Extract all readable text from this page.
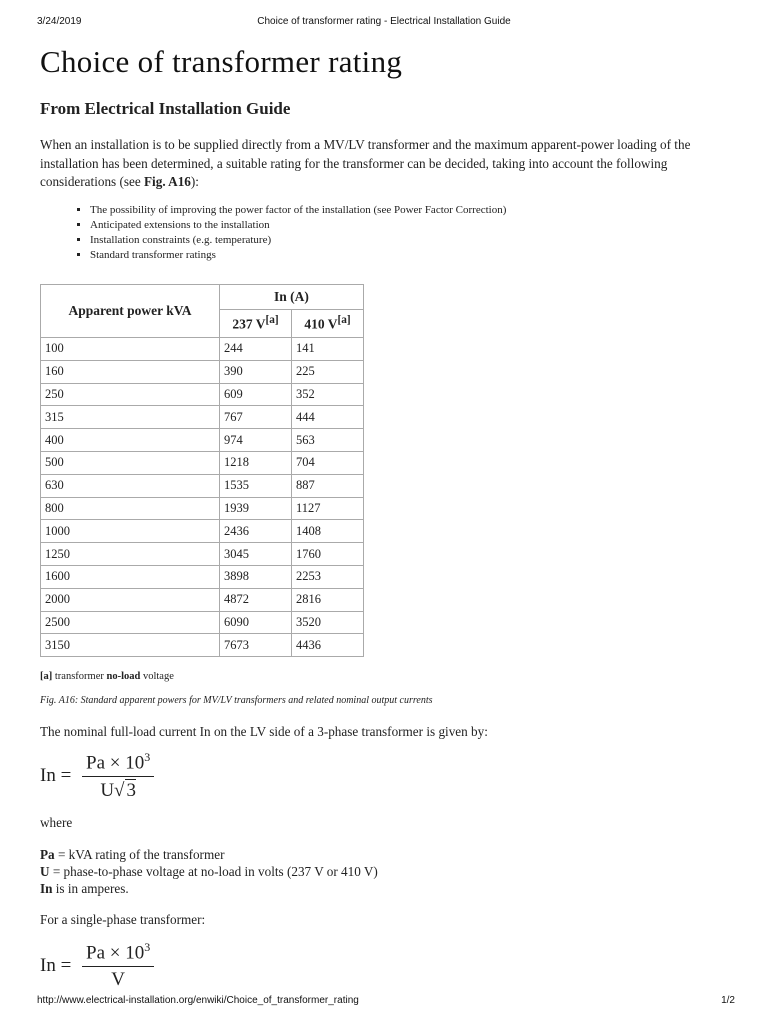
3/24/2019	Choice of transformer rating - Electrical Installation Guide
Choice of transformer rating
From Electrical Installation Guide
When an installation is to be supplied directly from a MV/LV transformer and the maximum apparent-power loading of the installation has been determined, a suitable rating for the transformer can be decided, taking into account the following considerations (see Fig. A16):
▪ The possibility of improving the power factor of the installation (see Power Factor Correction)
▪ Anticipated extensions to the installation
▪ Installation constraints (e.g. temperature)
▪ Standard transformer ratings
Apparent power kVA	In (A)	
	237 V[a]	410 V[a]
100	244	141
160	390	225
250	609	352
315	767	444
400	974	563
500	1218	704
630	1535	887
800	1939	1127
1000	2436	1408
1250	3045	1760
1600	3898	2253
2000	4872	2816
2500	6090	3520
3150	7673	4436
[a] transformer no-load voltage
Fig. A16: Standard apparent powers for MV/LV transformers and related nominal output currents
The nominal full-load current In on the LV side of a 3-phase transformer is given by:
$In = \frac{Pa \times 10^3}{U√ 3}$
where
Pa = kVA rating of the transformer
U = phase-to-phase voltage at no-load in volts (237 V or 410 V)
In is in amperes.
For a single-phase transformer:
$In = \frac{Pa \times 10^3}{V}$
http://www.electrical-installation.org/enwiki/Choice_of_transformer_rating	1/2
